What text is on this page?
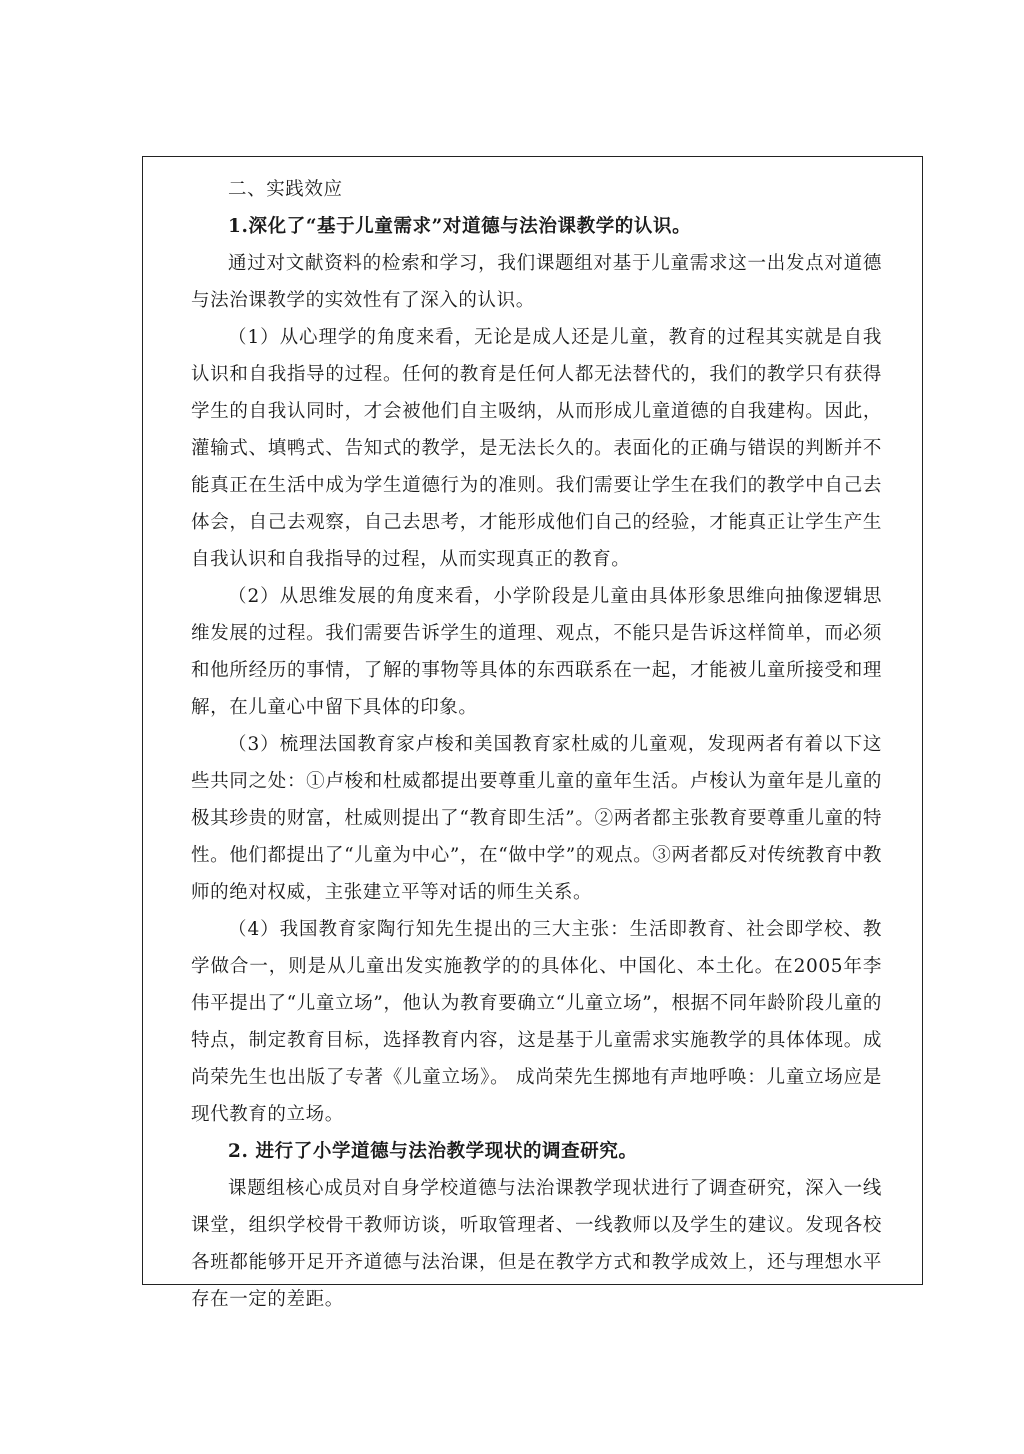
二、实践效应

1.深化了“基于儿童需求”对道德与法治课教学的认识。

通过对文献资料的检索和学习，我们课题组对基于儿童需求这一出发点对道德与法治课教学的实效性有了深入的认识。

（1）从心理学的角度来看，无论是成人还是儿童，教育的过程其实就是自我认识和自我指导的过程。任何的教育是任何人都无法替代的，我们的教学只有获得学生的自我认同时，才会被他们自主吸纳，从而形成儿童道德的自我建构。因此，灌输式、填鸭式、告知式的教学，是无法长久的。表面化的正确与错误的判断并不能真正在生活中成为学生道德行为的准则。我们需要让学生在我们的教学中自己去体会，自己去观察，自己去思考，才能形成他们自己的经验，才能真正让学生产生自我认识和自我指导的过程，从而实现真正的教育。

（2）从思维发展的角度来看，小学阶段是儿童由具体形象思维向抽像逻辑思维发展的过程。我们需要告诉学生的道理、观点，不能只是告诉这样简单，而必须和他所经历的事情，了解的事物等具体的东西联系在一起，才能被儿童所接受和理解，在儿童心中留下具体的印象。

（3）梳理法国教育家卢梭和美国教育家杜威的儿童观，发现两者有着以下这些共同之处：①卢梭和杜威都提出要尊重儿童的童年生活。卢梭认为童年是儿童的极其珍贵的财富，杜威则提出了“教育即生活”。②两者都主张教育要尊重儿童的特性。他们都提出了“儿童为中心”，在“做中学”的观点。③两者都反对传统教育中教师的绝对权威，主张建立平等对话的师生关系。

（4）我国教育家陶行知先生提出的三大主张：生活即教育、社会即学校、教学做合一，则是从儿童出发实施教学的的具体化、中国化、本土化。在2005年李伟平提出了“儿童立场”，他认为教育要确立“儿童立场”，根据不同年龄阶段儿童的特点，制定教育目标，选择教育内容，这是基于儿童需求实施教学的具体体现。成尚荣先生也出版了专著《儿童立场》。 成尚荣先生掷地有声地呼唤：儿童立场应是现代教育的立场。

2. 进行了小学道德与法治教学现状的调查研究。

课题组核心成员对自身学校道德与法治课教学现状进行了调查研究，深入一线课堂，组织学校骨干教师访谈，听取管理者、一线教师以及学生的建议。发现各校各班都能够开足开齐道德与法治课，但是在教学方式和教学成效上，还与理想水平存在一定的差距。
